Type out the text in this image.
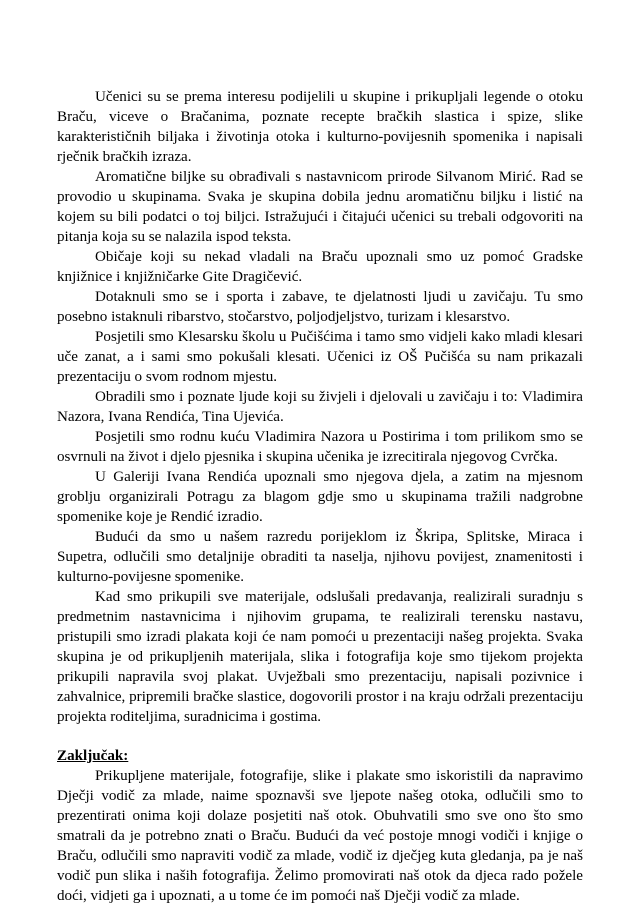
Učenici su se prema interesu podijelili u skupine i prikupljali legende o otoku Braču, viceve o Bračanima, poznate recepte bračkih slastica i spize, slike karakterističnih biljaka i životinja otoka i kulturno-povijesnih spomenika i napisali rječnik bračkih izraza.

Aromatične biljke su obrađivali s nastavnicom prirode Silvanom Mirić. Rad se provodio u skupinama. Svaka je skupina dobila jednu aromatičnu biljku i listić na kojem su bili podatci o toj biljci. Istražujući i čitajući učenici su trebali odgovoriti na pitanja koja su se nalazila ispod teksta.

Običaje koji su nekad vladali na Braču upoznali smo uz pomoć Gradske knjižnice i knjižničarke Gite Dragičević.

Dotaknuli smo se i sporta i zabave, te djelatnosti ljudi u zavičaju. Tu smo posebno istaknuli ribarstvo, stočarstvo, poljodjeljstvo, turizam i klesarstvo.

Posjetili smo Klesarsku školu u Pučišćima i tamo smo vidjeli kako mladi klesari uče zanat, a i sami smo pokušali klesati. Učenici iz OŠ Pučišća su nam prikazali prezentaciju o svom rodnom mjestu.

Obradili smo i poznate ljude koji su živjeli i djelovali u zavičaju i to: Vladimira Nazora, Ivana Rendića, Tina Ujevića.

Posjetili smo rodnu kuću Vladimira Nazora u Postirima i tom prilikom smo se osvrnuli na život i djelo pjesnika i skupina učenika je izrecitirala njegovog Cvrčka.

U Galeriji Ivana Rendića upoznali smo njegova djela, a zatim na mjesnom groblju organizirali Potragu za blagom gdje smo u skupinama tražili nadgrobne spomenike koje je Rendić izradio.

Budući da smo u našem razredu porijeklom iz Škripa, Splitske, Miraca i Supetra, odlučili smo detaljnije obraditi ta naselja, njihovu povijest, znamenitosti i kulturno-povijesne spomenike.

Kad smo prikupili sve materijale, odslušali predavanja, realizirali suradnju s predmetnim nastavnicima i njihovim grupama, te realizirali terensku nastavu, pristupili smo izradi plakata koji će nam pomoći u prezentaciji našeg projekta. Svaka skupina je od prikupljenih materijala, slika i fotografija koje smo tijekom projekta prikupili napravila svoj plakat. Uvježbali smo prezentaciju, napisali pozivnice i zahvalnice, pripremili bračke slastice, dogovorili prostor i na kraju održali prezentaciju projekta roditeljima, suradnicima i gostima.

Zaključak:

Prikupljene materijale, fotografije, slike i plakate smo iskoristili da napravimo Dječji vodič za mlade, naime spoznavši sve ljepote našeg otoka, odlučili smo to prezentirati onima koji dolaze posjetiti naš otok. Obuhvatili smo sve ono što smo smatrali da je potrebno znati o Braču. Budući da već postoje mnogi vodiči i knjige o Braču, odlučili smo napraviti vodič za mlade, vodič iz dječjeg kuta gledanja, pa je naš vodič pun slika i naših fotografija. Želimo promovirati naš otok da djeca rado požele doći, vidjeti ga i upoznati, a u tome će im pomoći naš Dječji vodič za mlade.
